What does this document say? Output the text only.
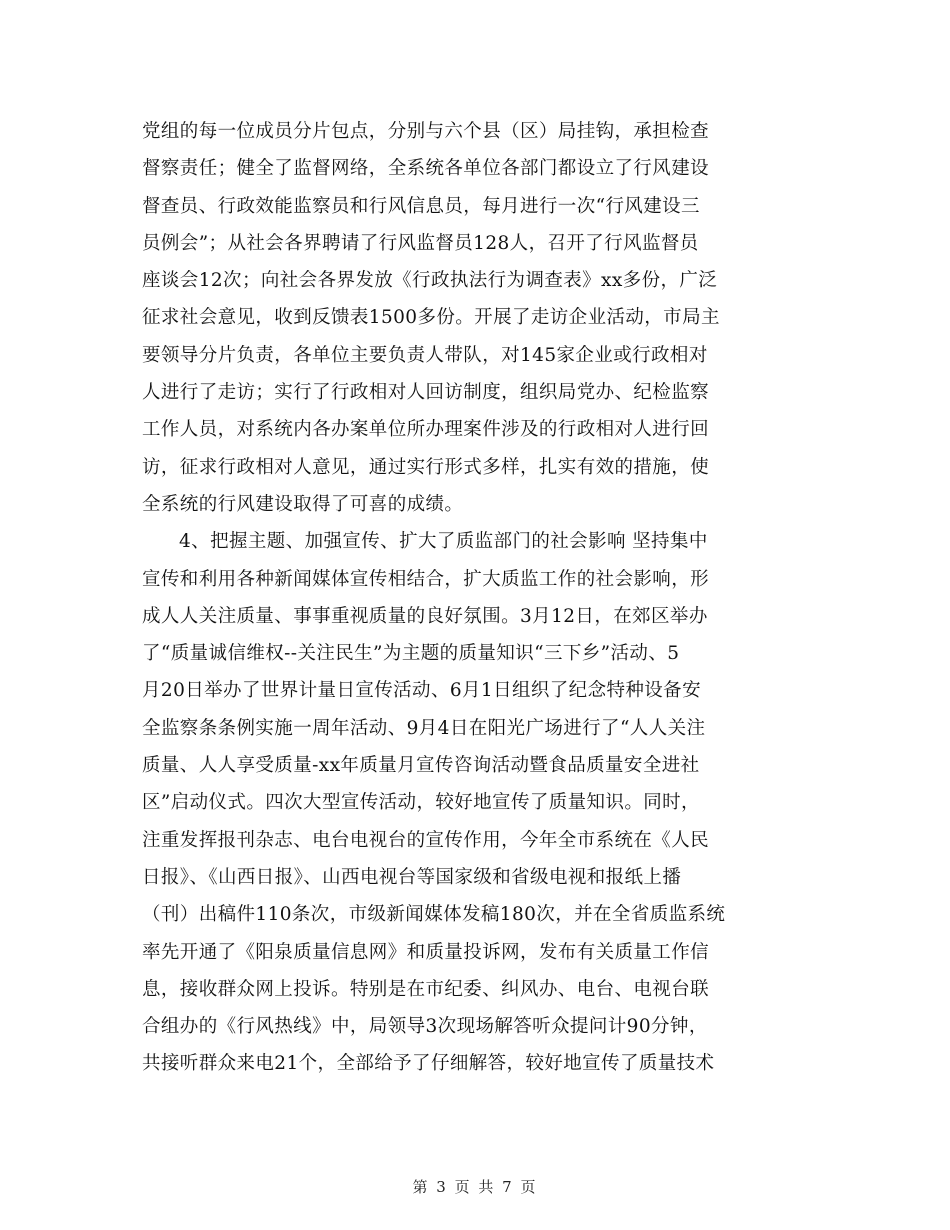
党组的每一位成员分片包点，分别与六个县（区）局挂钩，承担检查
督察责任；健全了监督网络，全系统各单位各部门都设立了行风建设
督查员、行政效能监察员和行风信息员，每月进行一次“行风建设三
员例会”；从社会各界聘请了行风监督员128人，召开了行风监督员
座谈会12次；向社会各界发放《行政执法行为调查表》xx多份，广泛
征求社会意见，收到反馈表1500多份。开展了走访企业活动，市局主
要领导分片负责，各单位主要负责人带队，对145家企业或行政相对
人进行了走访；实行了行政相对人回访制度，组织局党办、纪检监察
工作人员，对系统内各办案单位所办理案件涉及的行政相对人进行回
访，征求行政相对人意见，通过实行形式多样，扎实有效的措施，使
全系统的行风建设取得了可喜的成绩。
4、把握主题、加强宣传、扩大了质监部门的社会影响 坚持集中
宣传和利用各种新闻媒体宣传相结合，扩大质监工作的社会影响，形
成人人关注质量、事事重视质量的良好氛围。3月12日，在郊区举办
了“质量诚信维权--关注民生”为主题的质量知识“三下乡”活动、5
月20日举办了世界计量日宣传活动、6月1日组织了纪念特种设备安
全监察条条例实施一周年活动、9月4日在阳光广场进行了“人人关注
质量、人人享受质量-xx年质量月宣传咨询活动暨食品质量安全进社
区”启动仪式。四次大型宣传活动，较好地宣传了质量知识。同时，
注重发挥报刊杂志、电台电视台的宣传作用，今年全市系统在《人民
日报》、《山西日报》、山西电视台等国家级和省级电视和报纸上播
（刊）出稿件110条次，市级新闻媒体发稿180次，并在全省质监系统
率先开通了《阳泉质量信息网》和质量投诉网，发布有关质量工作信
息，接收群众网上投诉。特别是在市纪委、纠风办、电台、电视台联
合组办的《行风热线》中，局领导3次现场解答听众提问计90分钟，
共接听群众来电21个，全部给予了仔细解答，较好地宣传了质量技术
第 3 页 共 7 页
